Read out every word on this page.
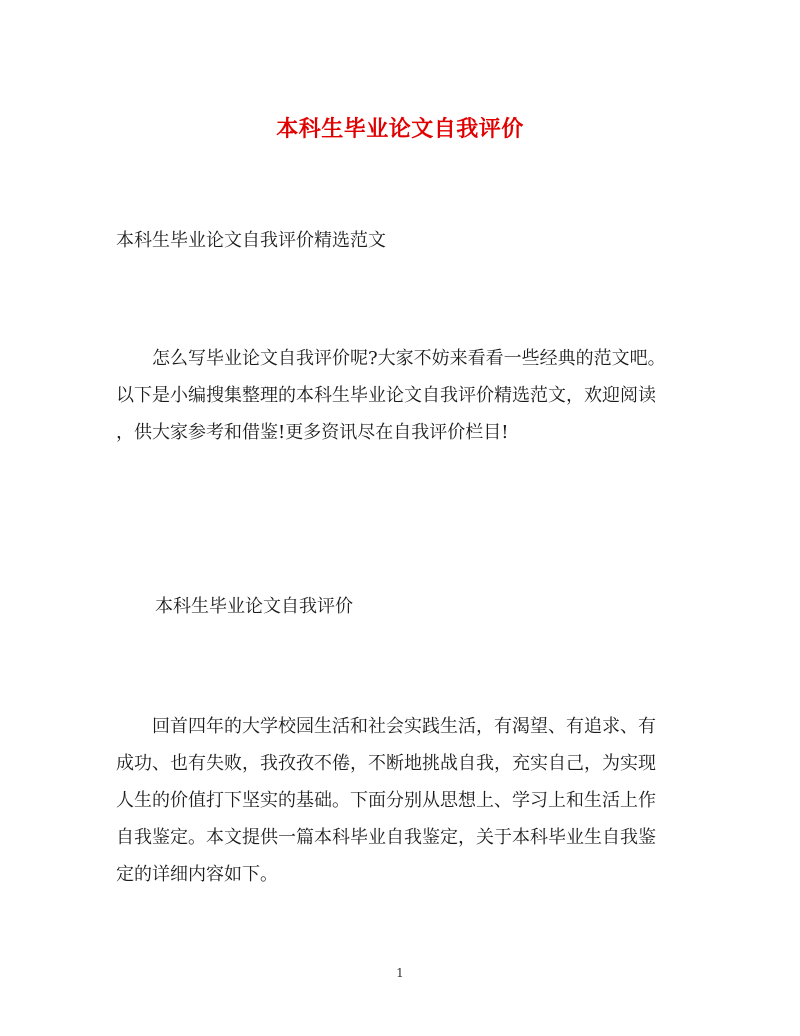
本科生毕业论文自我评价
本科生毕业论文自我评价精选范文
　　怎么写毕业论文自我评价呢?大家不妨来看看一些经典的范文吧。
以下是小编搜集整理的本科生毕业论文自我评价精选范文，欢迎阅读
，供大家参考和借鉴!更多资讯尽在自我评价栏目!
本科生毕业论文自我评价
　　回首四年的大学校园生活和社会实践生活，有渴望、有追求、有
成功、也有失败，我孜孜不倦，不断地挑战自我，充实自己，为实现
人生的价值打下坚实的基础。下面分别从思想上、学习上和生活上作
自我鉴定。本文提供一篇本科毕业自我鉴定，关于本科毕业生自我鉴
定的详细内容如下。
1
